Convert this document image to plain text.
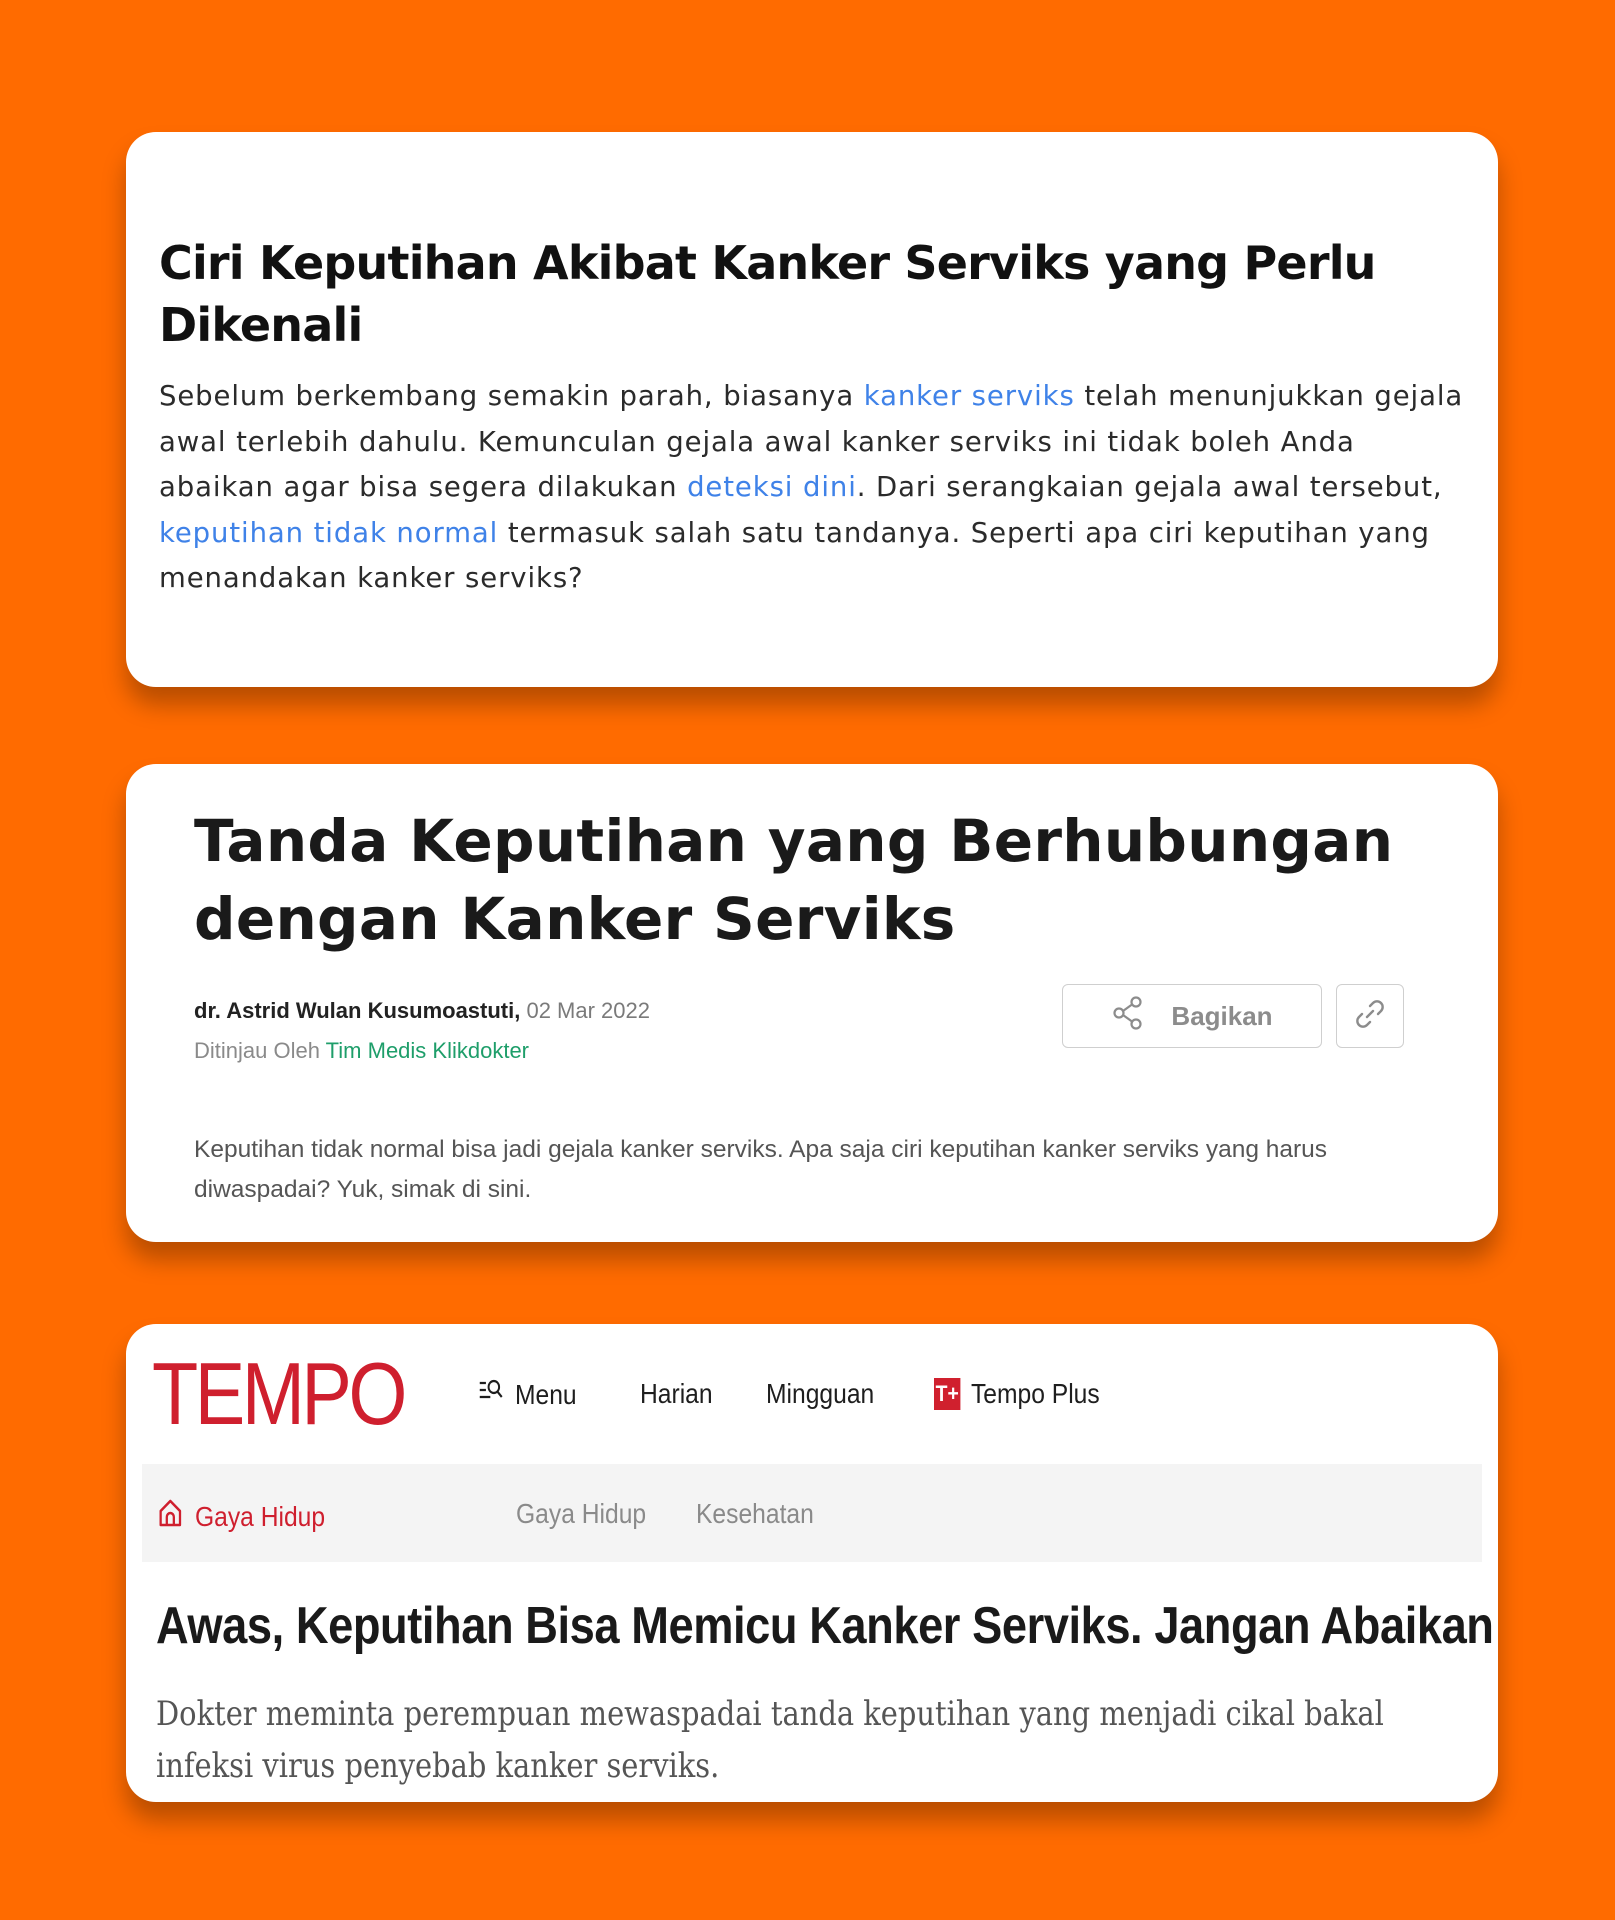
Ciri Keputihan Akibat Kanker Serviks yang Perlu Dikenali

Sebelum berkembang semakin parah, biasanya kanker serviks telah menunjukkan gejala awal terlebih dahulu. Kemunculan gejala awal kanker serviks ini tidak boleh Anda abaikan agar bisa segera dilakukan deteksi dini. Dari serangkaian gejala awal tersebut, keputihan tidak normal termasuk salah satu tandanya. Seperti apa ciri keputihan yang menandakan kanker serviks?

Tanda Keputihan yang Berhubungan dengan Kanker Serviks
dr. Astrid Wulan Kusumoastuti, 02 Mar 2022
Ditinjau Oleh Tim Medis Klikdokter
Bagikan

Keputihan tidak normal bisa jadi gejala kanker serviks. Apa saja ciri keputihan kanker serviks yang harus diwaspadai? Yuk, simak di sini.

TEMPO	Menu Harian Mingguan	T+ Tempo Plus
Gaya Hidup	Gaya Hidup Kesehatan
Awas, Keputihan Bisa Memicu Kanker Serviks. Jangan Abaikan

Dokter meminta perempuan mewaspadai tanda keputihan yang menjadi cikal bakal infeksi virus penyebab kanker serviks.
